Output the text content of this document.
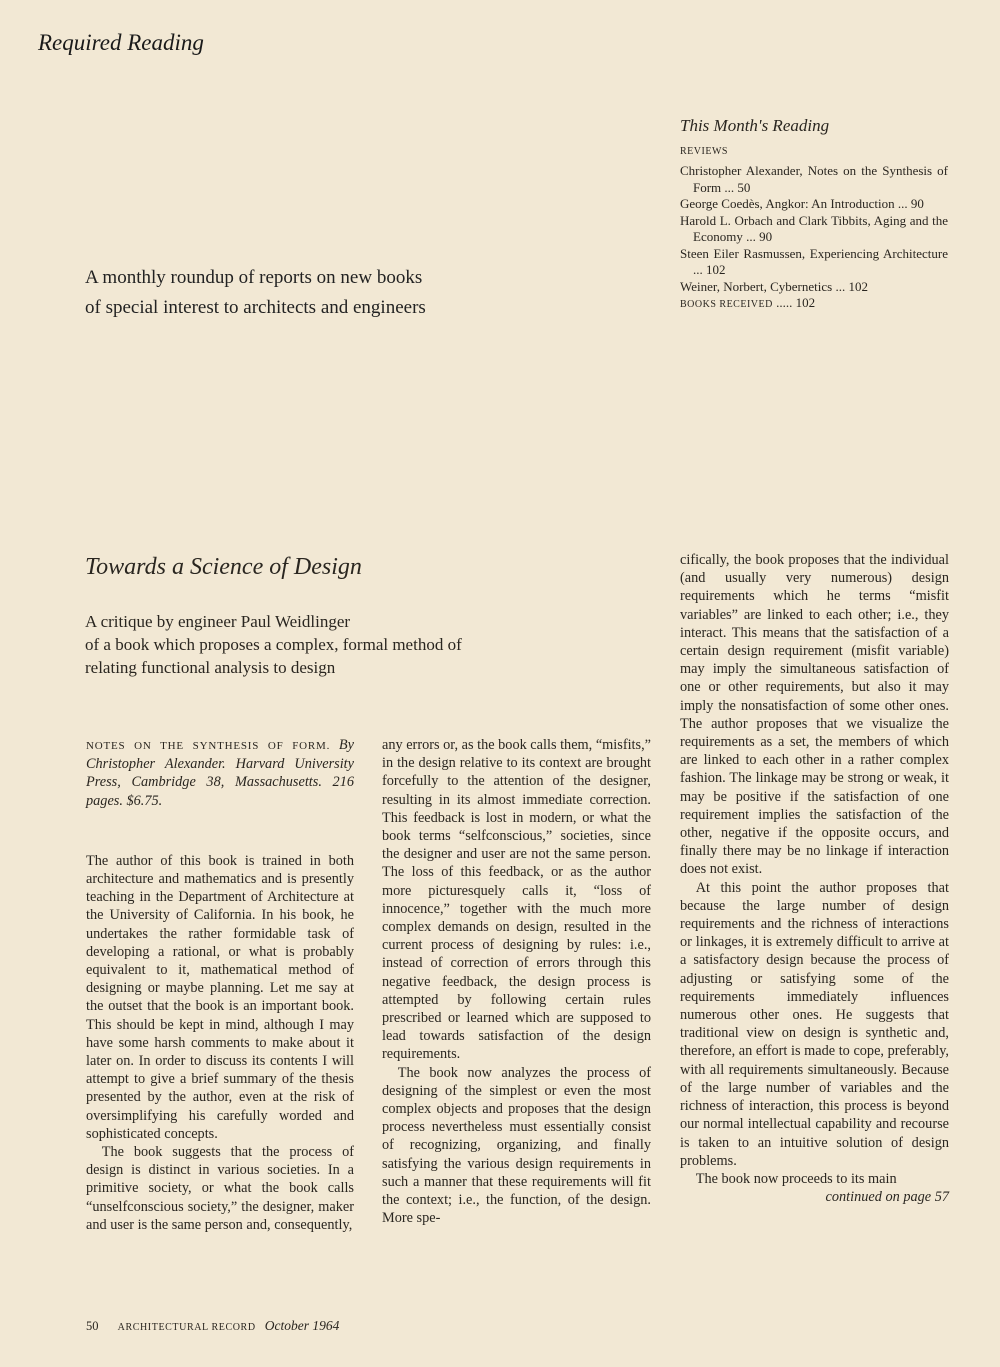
Required Reading
A monthly roundup of reports on new books
of special interest to architects and engineers
This Month's Reading
REVIEWS
Christopher Alexander, Notes on the Synthesis of Form ... 50
George Coedès, Angkor: An Introduction ... 90
Harold L. Orbach and Clark Tibbits, Aging and the Economy ... 90
Steen Eiler Rasmussen, Experiencing Architecture ... 102
Weiner, Norbert, Cybernetics ... 102
BOOKS RECEIVED ..... 102
Towards a Science of Design
A critique by engineer Paul Weidlinger
of a book which proposes a complex, formal method of
relating functional analysis to design
NOTES ON THE SYNTHESIS OF FORM. By Christopher Alexander. Harvard University Press, Cambridge 38, Massachusetts. 216 pages. $6.75.

The author of this book is trained in both architecture and mathematics and is presently teaching in the Department of Architecture at the University of California. In his book, he undertakes the rather formidable task of developing a rational, or what is probably equivalent to it, mathematical method of designing or maybe planning. Let me say at the outset that the book is an important book. This should be kept in mind, although I may have some harsh comments to make about it later on. In order to discuss its contents I will attempt to give a brief summary of the thesis presented by the author, even at the risk of oversimplifying his carefully worded and sophisticated concepts.

The book suggests that the process of design is distinct in various societies. In a primitive society, or what the book calls “unselfconscious society,” the designer, maker and user is the same person and, consequently,

any errors or, as the book calls them, “misfits,” in the design relative to its context are brought forcefully to the attention of the designer, resulting in its almost immediate correction. This feedback is lost in modern, or what the book terms “selfconscious,” societies, since the designer and user are not the same person. The loss of this feedback, or as the author more picturesquely calls it, “loss of innocence,” together with the much more complex demands on design, resulted in the current process of designing by rules: i.e., instead of correction of errors through this negative feedback, the design process is attempted by following certain rules prescribed or learned which are supposed to lead towards satisfaction of the design requirements.

The book now analyzes the process of designing of the simplest or even the most complex objects and proposes that the design process nevertheless must essentially consist of recognizing, organizing, and finally satisfying the various design requirements in such a manner that these requirements will fit the context; i.e., the function, of the design. More spe-

cifically, the book proposes that the individual (and usually very numerous) design requirements which he terms “misfit variables” are linked to each other; i.e., they interact. This means that the satisfaction of a certain design requirement (misfit variable) may imply the simultaneous satisfaction of one or other requirements, but also it may imply the nonsatisfaction of some other ones. The author proposes that we visualize the requirements as a set, the members of which are linked to each other in a rather complex fashion. The linkage may be strong or weak, it may be positive if the satisfaction of one requirement implies the satisfaction of the other, negative if the opposite occurs, and finally there may be no linkage if interaction does not exist.

At this point the author proposes that because the large number of design requirements and the richness of interactions or linkages, it is extremely difficult to arrive at a satisfactory design because the process of adjusting or satisfying some of the requirements immediately influences numerous other ones. He suggests that traditional view on design is synthetic and, therefore, an effort is made to cope, preferably, with all requirements simultaneously. Because of the large number of variables and the richness of interaction, this process is beyond our normal intellectual capability and recourse is taken to an intuitive solution of design problems.

The book now proceeds to its main

continued on page 57
50 ARCHITECTURAL RECORD October 1964
